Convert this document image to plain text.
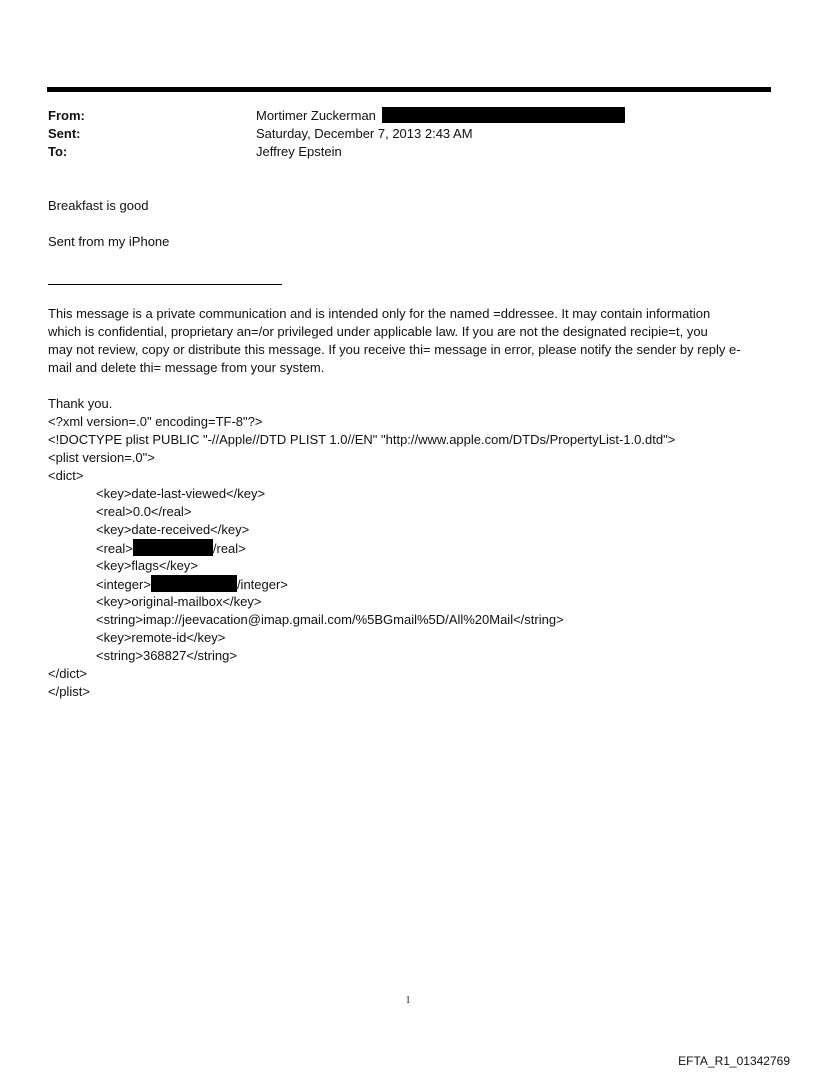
From:	Mortimer Zuckerman
Sent:	Saturday, December 7, 2013 2:43 AM
To:	Jeffrey Epstein
Breakfast is good
Sent from my iPhone
This message is a private communication and is intended only for the named =ddressee. It may contain information
which is confidential, proprietary an=/or privileged under applicable law. If you are not the designated recipie=t, you
may not review, copy or distribute this message. If you receive thi= message in error, please notify the sender by reply e-
mail and delete thi= message from your system.
Thank you.
<?xml version=.0" encoding=TF-8"?>
<!DOCTYPE plist PUBLIC "-//Apple//DTD PLIST 1.0//EN" "http://www.apple.com/DTDs/PropertyList-1.0.dtd">
<plist version=.0">
<dict>
<key>date-last-viewed</key>
<real>0.0</real>
<key>date-received</key>
<real>	/real>
<key>flags</key>
<integer>	/integer>
<key>original-mailbox</key>
<string>imap://jeevacation@imap.gmail.com/%5BGmail%5D/All%20Mail</string>
<key>remote-id</key>
<string>368827</string>
</dict>
</plist>
1
EFTA_R1_01342769
